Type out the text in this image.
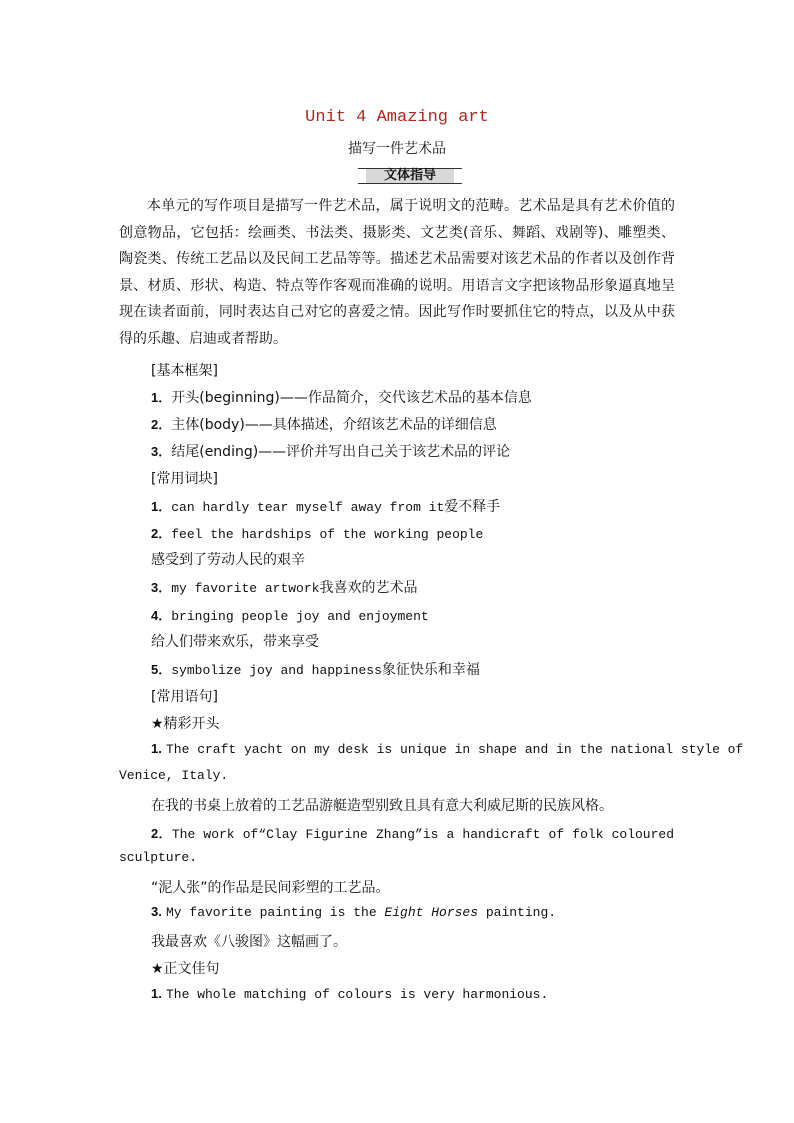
Unit 4 Amazing art
描写一件艺术品
文体指导
本单元的写作项目是描写一件艺术品，属于说明文的范畴。艺术品是具有艺术价值的创意物品，它包括：绘画类、书法类、摄影类、文艺类(音乐、舞蹈、戏剧等)、雕塑类、陶瓷类、传统工艺品以及民间工艺品等等。描述艺术品需要对该艺术品的作者以及创作背景、材质、形状、构造、特点等作客观而准确的说明。用语言文字把该物品形象逼真地呈现在读者面前，同时表达自己对它的喜爱之情。因此写作时要抓住它的特点，以及从中获得的乐趣、启迪或者帮助。
[基本框架]
1．开头(beginning)——作品简介，交代该艺术品的基本信息
2．主体(body)——具体描述，介绍该艺术品的详细信息
3．结尾(ending)——评价并写出自己关于该艺术品的评论
[常用词块]
1．can hardly tear myself away from it爱不释手
2．feel the hardships of the working people
感受到了劳动人民的艰辛
3．my favorite artwork我喜欢的艺术品
4．bringing people joy and enjoyment
给人们带来欢乐，带来享受
5．symbolize joy and happiness象征快乐和幸福
[常用语句]
★精彩开头
1. The craft yacht on my desk is unique in shape and in the national style of
Venice, Italy.
在我的书桌上放着的工艺品游艇造型别致且具有意大利威尼斯的民族风格。
2．The work of“Clay Figurine Zhang”is a handicraft of folk coloured
sculpture.
“泥人张”的作品是民间彩塑的工艺品。
3. My favorite painting is the Eight Horses painting.
我最喜欢《八骏图》这幅画了。
★正文佳句
1. The whole matching of colours is very harmonious.
